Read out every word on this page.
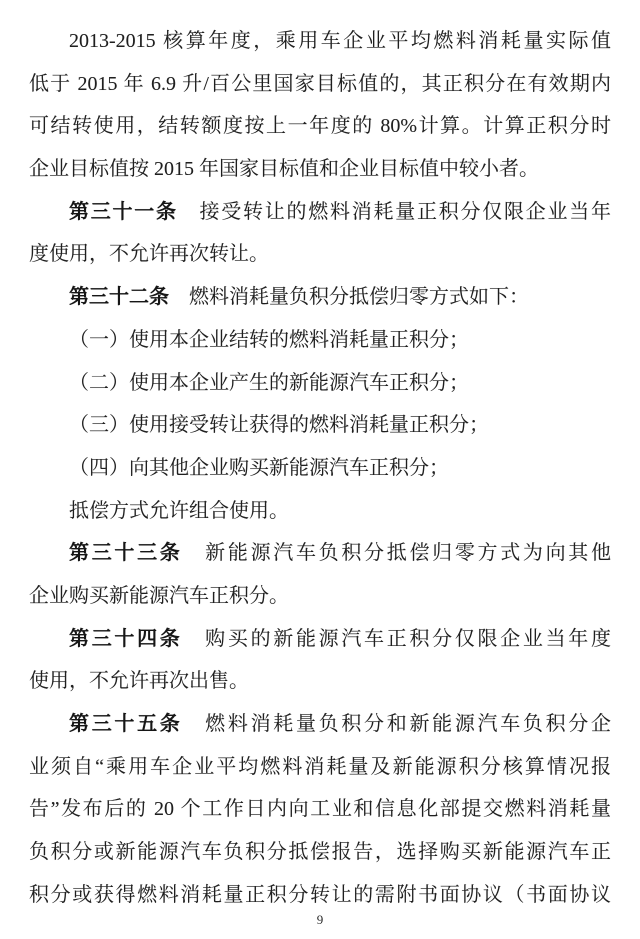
2013-2015 核算年度，乘用车企业平均燃料消耗量实际值
低于 2015 年 6.9 升/百公里国家目标值的，其正积分在有效期内
可结转使用，结转额度按上一年度的 80%计算。计算正积分时
企业目标值按 2015 年国家目标值和企业目标值中较小者。
第三十一条　接受转让的燃料消耗量正积分仅限企业当年
度使用，不允许再次转让。
第三十二条　燃料消耗量负积分抵偿归零方式如下：
（一）使用本企业结转的燃料消耗量正积分；
（二）使用本企业产生的新能源汽车正积分；
（三）使用接受转让获得的燃料消耗量正积分；
（四）向其他企业购买新能源汽车正积分；
抵偿方式允许组合使用。
第三十三条　新能源汽车负积分抵偿归零方式为向其他
企业购买新能源汽车正积分。
第三十四条　购买的新能源汽车正积分仅限企业当年度
使用，不允许再次出售。
第三十五条　燃料消耗量负积分和新能源汽车负积分企
业须自“乘用车企业平均燃料消耗量及新能源积分核算情况报
告”发布后的 20 个工作日内向工业和信息化部提交燃料消耗量
负积分或新能源汽车负积分抵偿报告，选择购买新能源汽车正
积分或获得燃料消耗量正积分转让的需附书面协议（书面协议
9
